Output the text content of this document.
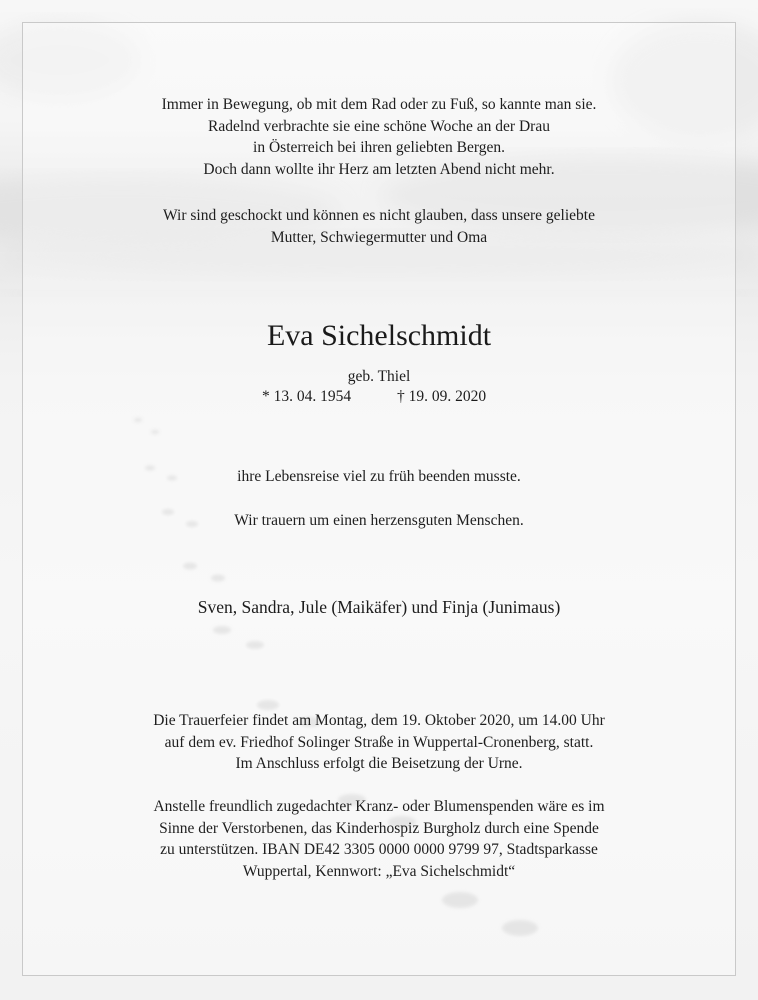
Immer in Bewegung, ob mit dem Rad oder zu Fuß, so kannte man sie.
Radelnd verbrachte sie eine schöne Woche an der Drau
in Österreich bei ihren geliebten Bergen.
Doch dann wollte ihr Herz am letzten Abend nicht mehr.
Wir sind geschockt und können es nicht glauben, dass unsere geliebte
Mutter, Schwiegermutter und Oma
Eva Sichelschmidt
geb. Thiel
* 13. 04. 1954	† 19. 09. 2020
ihre Lebensreise viel zu früh beenden musste.
Wir trauern um einen herzensguten Menschen.
Sven, Sandra, Jule (Maikäfer) und Finja (Junimaus)
Die Trauerfeier findet am Montag, dem 19. Oktober 2020, um 14.00 Uhr
auf dem ev. Friedhof Solinger Straße in Wuppertal-Cronenberg, statt.
Im Anschluss erfolgt die Beisetzung der Urne.
Anstelle freundlich zugedachter Kranz- oder Blumenspenden wäre es im
Sinne der Verstorbenen, das Kinderhospiz Burgholz durch eine Spende
zu unterstützen. IBAN DE42 3305 0000 0000 9799 97, Stadtsparkasse
Wuppertal, Kennwort: „Eva Sichelschmidt“
